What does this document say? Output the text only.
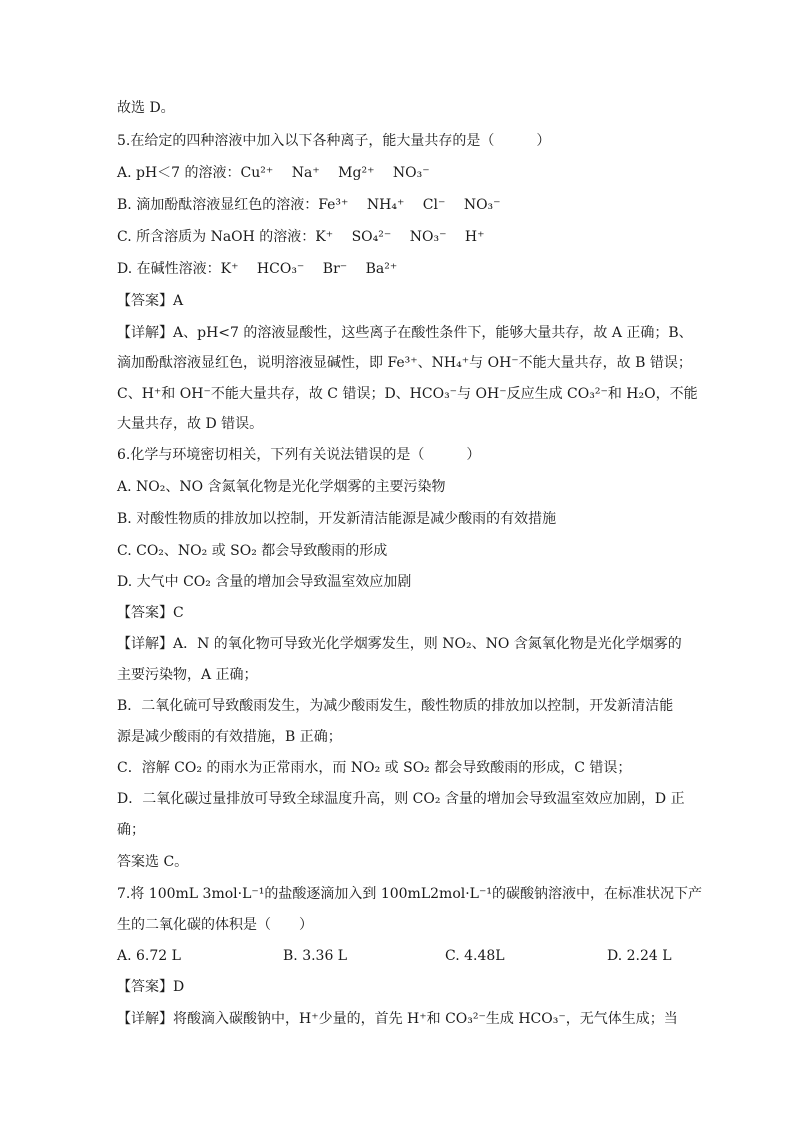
故选 D。
5.在给定的四种溶液中加入以下各种离子，能大量共存的是（　　　）
A. pH＜7 的溶液：Cu²⁺　 Na⁺　 Mg²⁺　 NO₃⁻
B. 滴加酚酞溶液显红色的溶液：Fe³⁺　 NH₄⁺　 Cl⁻　 NO₃⁻
C. 所含溶质为 NaOH 的溶液：K⁺　 SO₄²⁻　 NO₃⁻　 H⁺
D. 在碱性溶液：K⁺　 HCO₃⁻　 Br⁻　 Ba²⁺
【答案】A
【详解】A、pH<7 的溶液显酸性，这些离子在酸性条件下，能够大量共存，故 A 正确；B、
滴加酚酞溶液显红色，说明溶液显碱性，即 Fe³⁺、NH₄⁺与 OH⁻不能大量共存，故 B 错误；
C、H⁺和 OH⁻不能大量共存，故 C 错误；D、HCO₃⁻与 OH⁻反应生成 CO₃²⁻和 H₂O，不能
大量共存，故 D 错误。
6.化学与环境密切相关，下列有关说法错误的是（　　　）
A. NO₂、NO 含氮氧化物是光化学烟雾的主要污染物
B. 对酸性物质的排放加以控制，开发新清洁能源是减少酸雨的有效措施
C. CO₂、NO₂ 或 SO₂ 都会导致酸雨的形成
D. 大气中 CO₂ 含量的增加会导致温室效应加剧
【答案】C
【详解】A．N 的氧化物可导致光化学烟雾发生，则 NO₂、NO 含氮氧化物是光化学烟雾的
主要污染物，A 正确；
B．二氧化硫可导致酸雨发生，为减少酸雨发生，酸性物质的排放加以控制，开发新清洁能
源是减少酸雨的有效措施，B 正确；
C．溶解 CO₂ 的雨水为正常雨水，而 NO₂ 或 SO₂ 都会导致酸雨的形成，C 错误；
D．二氧化碳过量排放可导致全球温度升高，则 CO₂ 含量的增加会导致温室效应加剧，D 正
确；
答案选 C。
7.将 100mL 3mol·L⁻¹的盐酸逐滴加入到 100mL2mol·L⁻¹的碳酸钠溶液中，在标准状况下产
生的二氧化碳的体积是（　　）
A. 6.72 L	B. 3.36 L	C. 4.48L	D. 2.24 L
【答案】D
【详解】将酸滴入碳酸钠中，H⁺少量的，首先 H⁺和 CO₃²⁻生成 HCO₃⁻，无气体生成；当
